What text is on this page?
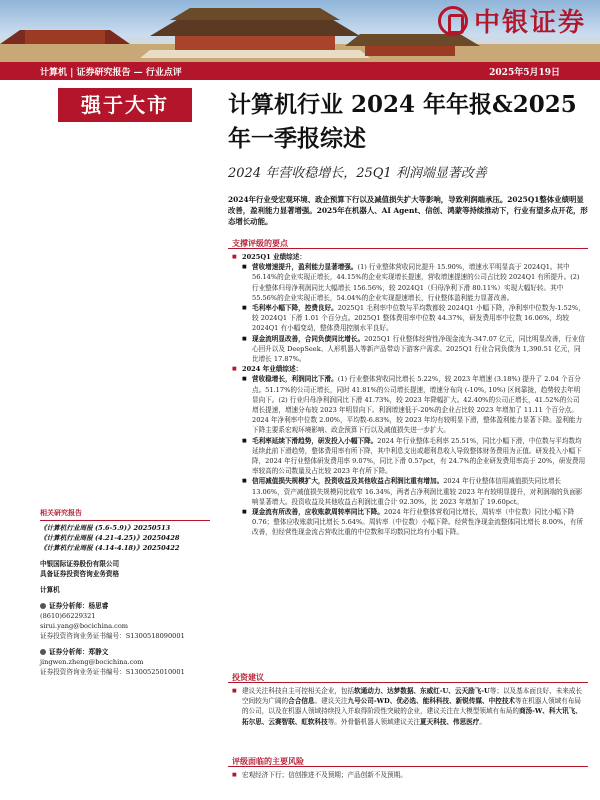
中银证券
计算机 | 证券研究报告 — 行业点评	2025年5月19日
强于大市	计算机行业 2024 年年报&2025 年一季报综述
2024 年营收稳增长，25Q1 利润端显著改善
2024年行业受宏观环境、政企预算下行以及减值损失扩大等影响，导致利润端承压。2025Q1整体业绩明显改善，盈利能力显著增强。2025年在机器人、AI Agent、信创、鸿蒙等持续推动下，行业有望多点开花，形态增长动能。
支撑评级的要点
■ 2025Q1 业绩综述：
■ 营收增速提升，盈利能力显著增强。(1) 行业整体营收同比提升 15.90%，增速水平明显高于 2024Q1。其中 56.14%的企业实现正增长，44.15%的企业实现增长提速，营收增速提速的公司占比较 2024Q1 有所提升。(2) 行业整体归母净利润同比大幅增长 156.56%，较 2024Q1（归母净利下滑 80.11%）实现大幅好转。其中 55.56%的企业实现正增长，54.04%的企业实现提速增长，行业整体盈利能力显著改善。
■ 毛利率小幅下降，控费良好。2025Q1 毛利率中位数与平均数都较 2024Q1 小幅下降，净利率中位数为-1.52%，较 2024Q1 下滑 1.01 个百分点。2025Q1 整体费用率中位数 44.37%，研发费用率中位数 16.06%，均较 2024Q1 有小幅变动，整体费用控制水平良好。
■ 现金流明显改善，合同负债同比增长。2025Q1 行业整体经营性净现金流为-347.07 亿元，同比明显改善，行业信心回升以及 DeepSeek、人形机器人等新产品带动下游客户需求。2025Q1 行业合同负债为 1,390.51 亿元，同比增长 17.87%。
■ 2024 年业绩综述：
■ 营收稳增长，利润同比下滑。(1) 行业整体营收同比增长 5.22%，较 2023 年增速 (3.18%) 提升了 2.04 个百分点。51.17%的公司正增长，同时 41.81%的公司增长提速，增速分布向 (-10%, 10%) 区间靠拢，趋势较去年明显向下。(2) 行业归母净利润同比下滑 41.73%，较 2023 年降幅扩大。42.40%的公司正增长，41.52%的公司增长提速，增速分布较 2023 年明显向下。利润增速低于-20%的企业占比较 2023 年增加了 11.11 个百分点。2024 年净利率中位数 2.00%，平均数-6.83%，较 2023 年均有较明显下滑，整体盈利能力显著下降。盈利能力下降主要系宏观环境影响、政企预算下行以及减值损失进一步扩大。
■ 毛利率延续下滑趋势，研发投入小幅下降。2024 年行业整体毛利率 25.51%，同比小幅下滑，中位数与平均数均延续此前下滑趋势，整体费用率有所下降，其中利息支出或超利息收入导致整体财务费用为正值。研发投入小幅下降，2024 年行业整体研发费用率 9.07%，同比下滑 0.57pct，有 24.7%的企业研发费用率高于 20%，研发费用率较高的公司数量及占比较 2023 年有所下降。
■ 信用减值损失规模扩大，投资收益及其他收益占利润比重有增加。2024 年行业整体信用减值损失同比增长 13.06%，资产减值损失规模同比收窄 16.34%，两者占净利润比重较 2023 年有较明显提升，对利润端的负面影响显著增大。投资收益及其他收益占利润比重合计 92.30%，比 2023 年增加了 19.60pct。
■ 现金流有所改善，应收账款周转率同比下降。2024 年行业整体营收同比增长，周转率（中位数）同比小幅下降 0.76；整体应收账款同比增长 5.64%。周转率（中位数）小幅下降。经营性净现金流整体同比增长 8.00%，有所改善，但经营性现金流占营收比重的中位数和平均数同比均有小幅下降。
投资建议
■ 建议关注科技自主可控相关企业，包括软通动力、达梦数据、东威红-U、云天励飞-U等；以及基本面良好、未来成长空间较为广阔的合合信息。建议关注九号公司-WD、优必选、能科科技、新锐传媒、中控技术等在机器人领域有布局的公司，以及在机器人领域持续投入并取得阶段性突破的企业，建议关注在大模型领域有布局的商汤-W、科大讯飞、拓尔思、云赛智联、虹软科技等。外骨骼机器人领域建议关注夏天科技、伟思医疗。
评级面临的主要风险
■ 宏观经济下行；信创推进不及预期；产品创新不及预期。
相关研究报告
《计算机行业周报 (5.6-5.9)》20250513
《计算机行业周报 (4.21-4.25)》20250428
《计算机行业周报 (4.14-4.18)》20250422
中银国际证券股份有限公司
具备证券投资咨询业务资格
计算机
证券分析师：杨思睿
(8610)66229321
sirui.yang@bocichina.com
证券投资咨询业务证书编号：S1300518090001
证券分析师：郑静文
jingwen.zheng@bocichina.com
证券投资咨询业务证书编号：S1300525010001
